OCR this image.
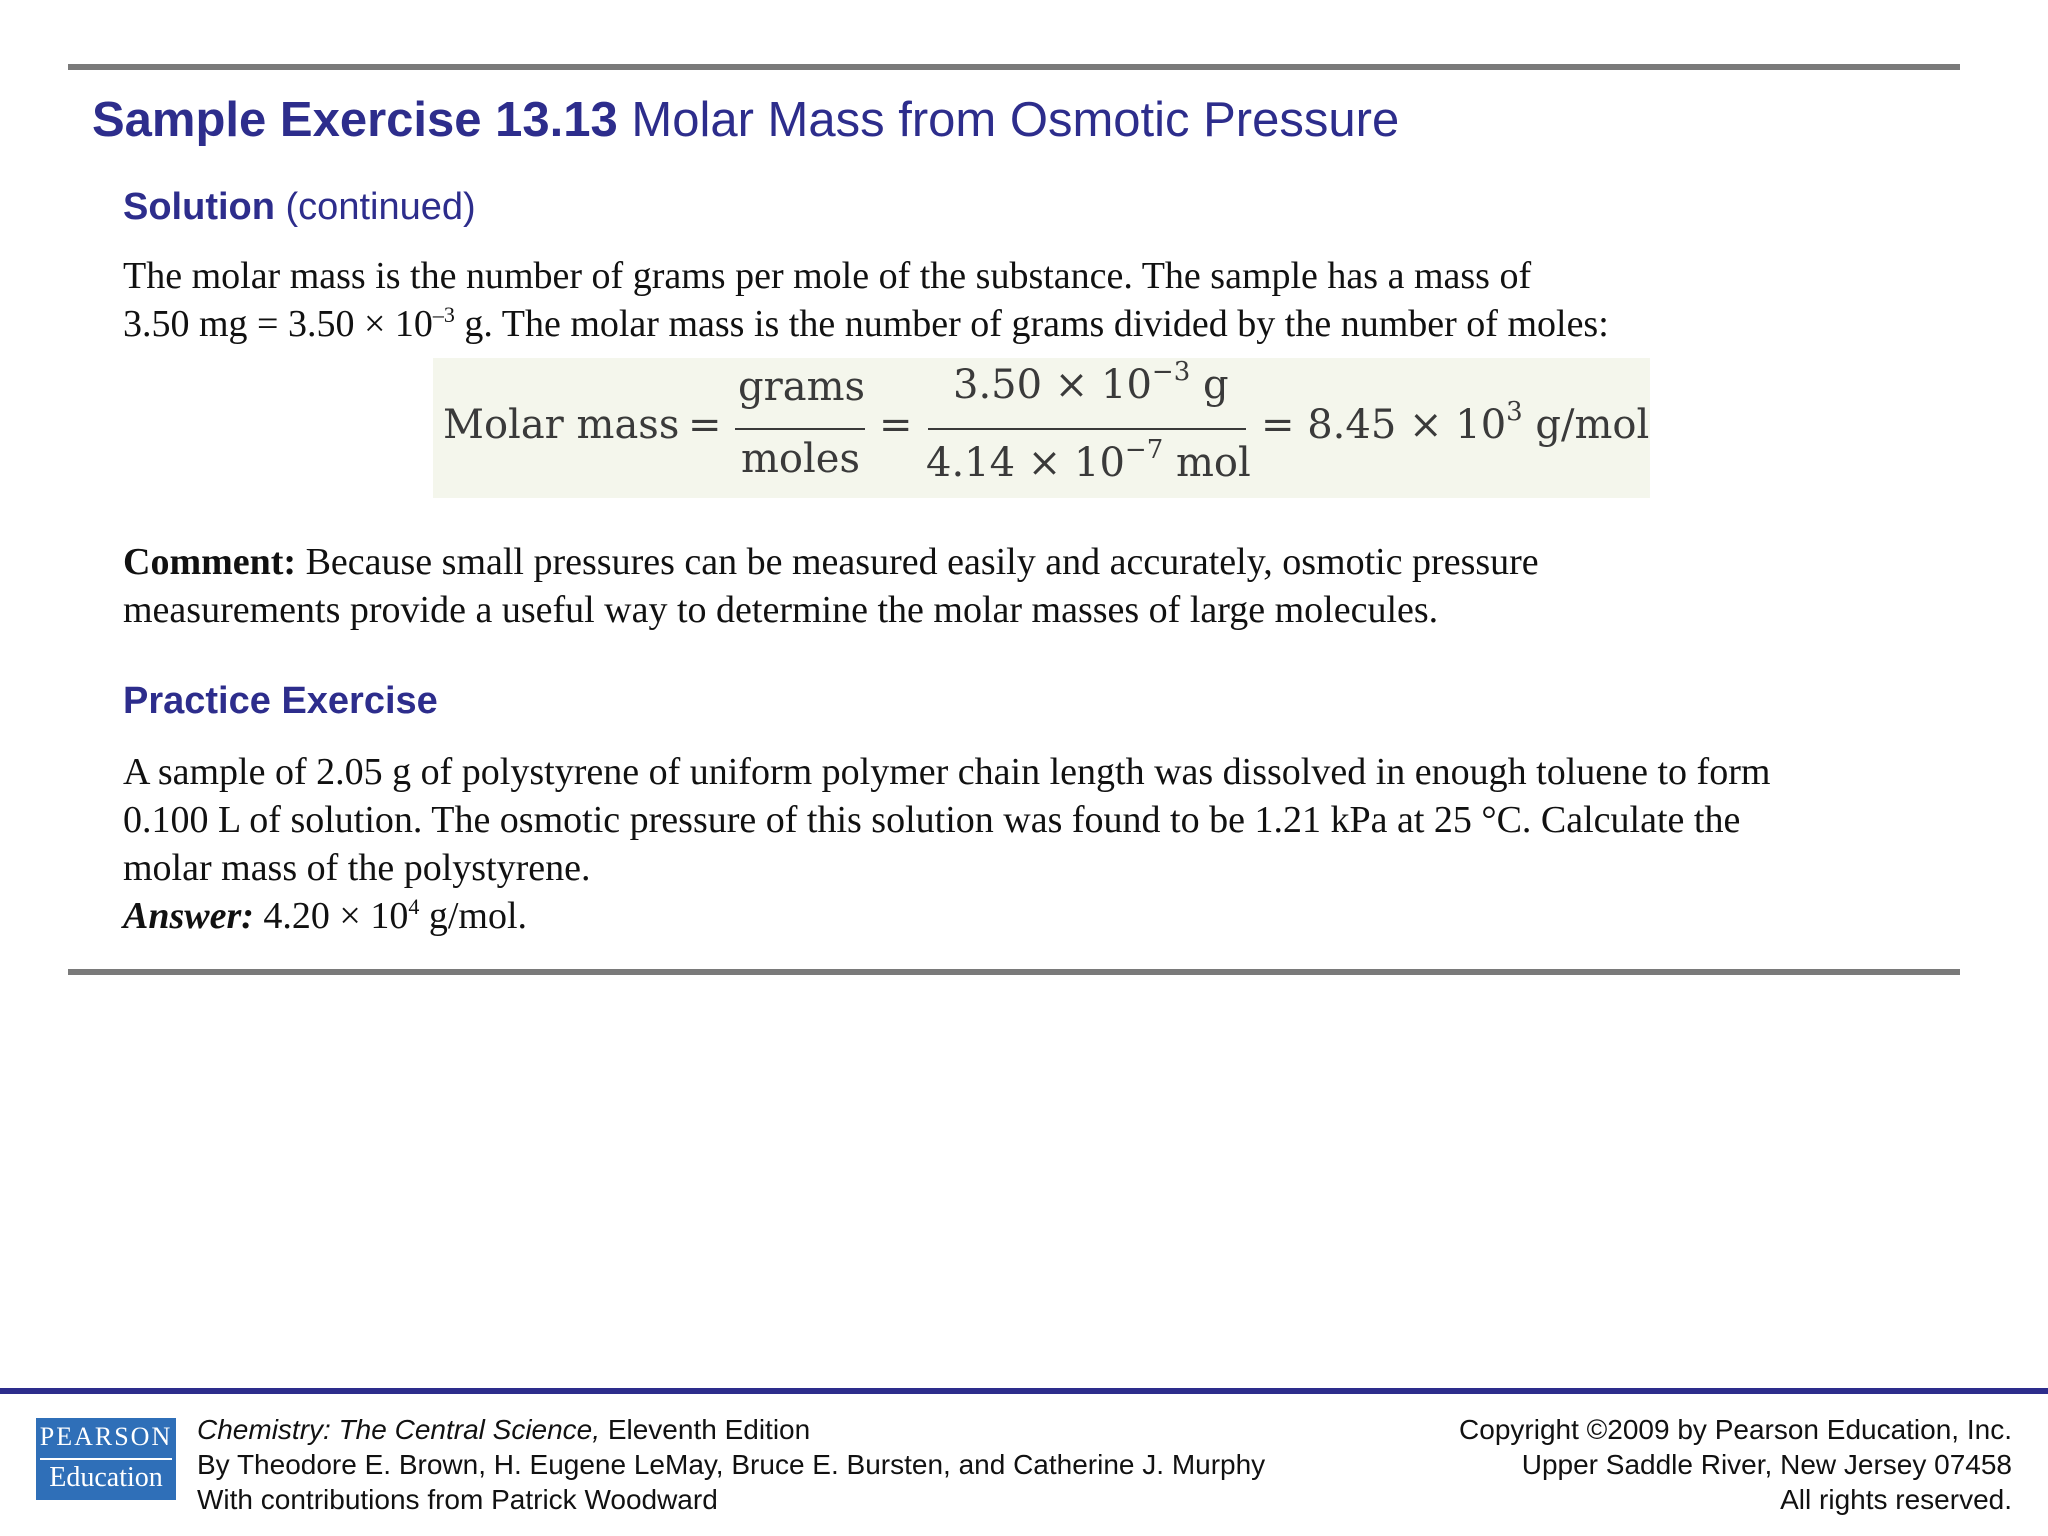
Sample Exercise 13.13 Molar Mass from Osmotic Pressure
Solution (continued)
The molar mass is the number of grams per mole of the substance. The sample has a mass of
3.50 mg = $3.50 \times 10^{-3}$ g. The molar mass is the number of grams divided by the number of moles:
Molar mass =
grams
moles
=
$3.50 \times 10^{-3}$ g
$4.14 \times 10^{-7}$ mol
= $8.45 \times 10^3$ g/mol
Comment: Because small pressures can be measured easily and accurately, osmotic pressure
measurements provide a useful way to determine the molar masses of large molecules.
Practice Exercise
A sample of 2.05 g of polystyrene of uniform polymer chain length was dissolved in enough toluene to form
0.100 L of solution. The osmotic pressure of this solution was found to be 1.21 kPa at 25 °C. Calculate the
molar mass of the polystyrene.
Answer: $4.20 \times 10^4$ g/mol.
PEARSON
Education
Chemistry: The Central Science, Eleventh Edition
By Theodore E. Brown, H. Eugene LeMay, Bruce E. Bursten, and Catherine J. Murphy
With contributions from Patrick Woodward
Copyright ©2009 by Pearson Education, Inc.
Upper Saddle River, New Jersey 07458
All rights reserved.
